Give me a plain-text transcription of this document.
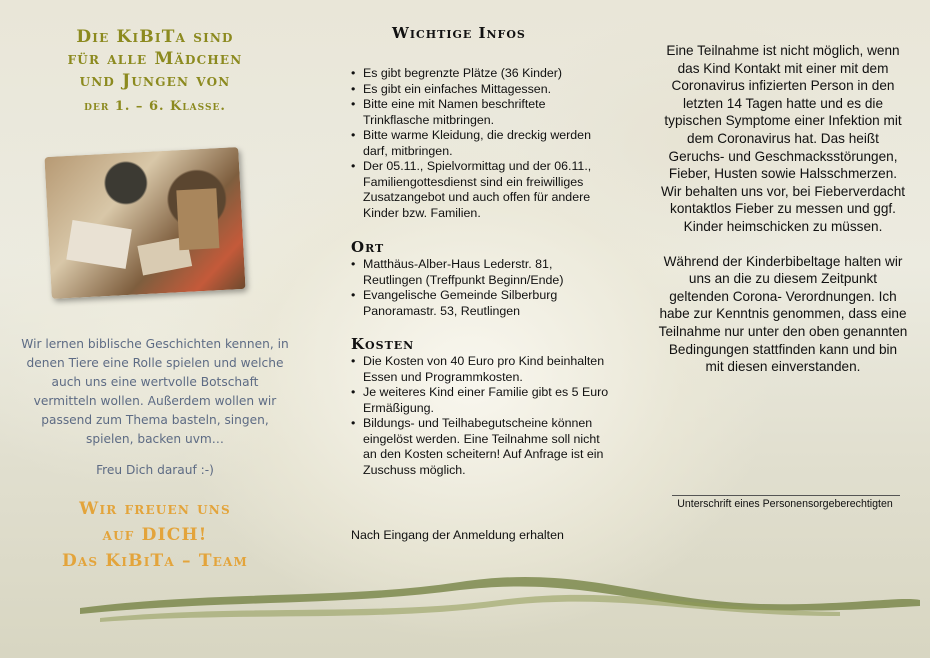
Die KiBiTa sind
für alle Mädchen
und Jungen von
der 1. – 6. Klasse.
Wir lernen biblische Geschichten kennen, in denen Tiere eine Rolle spielen und welche auch uns eine wertvolle Botschaft vermitteln wollen. Außerdem wollen wir passend zum Thema basteln, singen, spielen, backen uvm…
Freu Dich darauf :-)
Wir freuen uns
auf DICH!
Das KiBiTa – Team
Wichtige Infos
• Es gibt begrenzte Plätze (36 Kinder)
• Es gibt ein einfaches Mittagessen.
• Bitte eine mit Namen beschriftete Trinkflasche mitbringen.
• Bitte warme Kleidung, die dreckig werden darf, mitbringen.
• Der 05.11., Spielvormittag und der 06.11., Familiengottesdienst sind ein freiwilliges Zusatzangebot und auch offen für andere Kinder bzw. Familien.
Ort
• Matthäus-Alber-Haus Lederstr. 81, Reutlingen (Treffpunkt Beginn/Ende)
• Evangelische Gemeinde Silberburg Panoramastr. 53, Reutlingen
Kosten
• Die Kosten von 40 Euro pro Kind beinhalten Essen und Programmkosten.
• Je weiteres Kind einer Familie gibt es 5 Euro Ermäßigung.
• Bildungs- und Teilhabegutscheine können eingelöst werden. Eine Teilnahme soll nicht an den Kosten scheitern! Auf Anfrage ist ein Zuschuss möglich.
Nach Eingang der Anmeldung erhalten
Eine Teilnahme ist nicht möglich, wenn das Kind Kontakt mit einer mit dem Coronavirus infizierten Person in den letzten 14 Tagen hatte und es die typischen Symptome einer Infektion mit dem Coronavirus hat. Das heißt Geruchs- und Geschmacksstörungen, Fieber, Husten sowie Halsschmerzen. Wir behalten uns vor, bei Fieberverdacht kontaktlos Fieber zu messen und ggf. Kinder heimschicken zu müssen.
Während der Kinderbibeltage halten wir uns an die zu diesem Zeitpunkt geltenden Corona- Verordnungen. Ich habe zur Kenntnis genommen, dass eine Teilnahme nur unter den oben genannten Bedingungen stattfinden kann und bin mit diesen einverstanden.
Unterschrift eines Personensorgeberechtigten
